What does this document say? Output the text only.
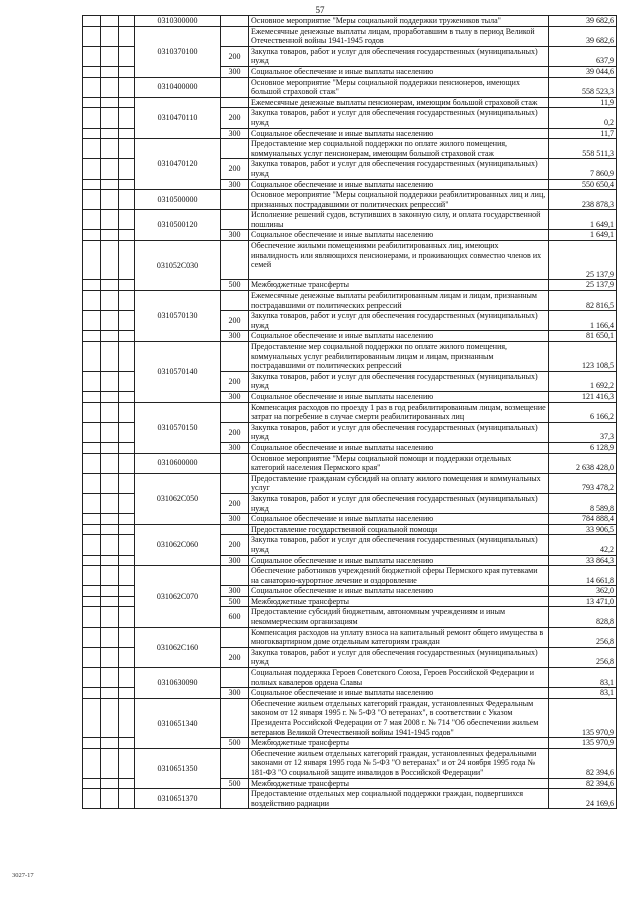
57
			0310300000		Основное мероприятие "Меры социальной поддержки тружеников тыла"	39 682,6
			0310370100		Ежемесячные денежные выплаты лицам, проработавшим в тылу в период Великой Отечественной войны 1941-1945 годов	39 682,6
				200	Закупка товаров, работ и услуг для обеспечения государственных (муниципальных) нужд	637,9
				300	Социальное обеспечение и иные выплаты населению	39 044,6
			0310400000		Основное мероприятие "Меры социальной поддержки пенсионеров, имеющих большой страховой стаж"	558 523,3
			0310470110		Ежемесячные денежные выплаты пенсионерам, имеющим большой страховой стаж	11,9
				200	Закупка товаров, работ и услуг для обеспечения государственных (муниципальных) нужд	0,2
				300	Социальное обеспечение и иные выплаты населению	11,7
			0310470120		Предоставление мер социальной поддержки по оплате жилого помещения, коммунальных услуг пенсионерам, имеющим большой страховой стаж	558 511,3
				200	Закупка товаров, работ и услуг для обеспечения государственных (муниципальных) нужд	7 860,9
				300	Социальное обеспечение и иные выплаты населению	550 650,4
			0310500000		Основное мероприятие "Меры социальной поддержки реабилитированных лиц и лиц, признанных пострадавшими от политических репрессий"	238 878,3
			0310500120		Исполнение решений судов, вступивших в законную силу, и оплата государственной пошлины	1 649,1
				300	Социальное обеспечение и иные выплаты населению	1 649,1
			031052С030		Обеспечение жилыми помещениями реабилитированных лиц, имеющих инвалидность или являющихся пенсионерами, и проживающих совместно членов их семей	25 137,9
				500	Межбюджетные трансферты	25 137,9
			0310570130		Ежемесячные денежные выплаты реабилитированным лицам и лицам, признанным пострадавшими от политических репрессий	82 816,5
				200	Закупка товаров, работ и услуг для обеспечения государственных (муниципальных) нужд	1 166,4
				300	Социальное обеспечение и иные выплаты населению	81 650,1
			0310570140		Предоставление мер социальной поддержки по оплате жилого помещения, коммунальных услуг реабилитированным лицам и лицам, признанным пострадавшими от политических репрессий	123 108,5
				200	Закупка товаров, работ и услуг для обеспечения государственных (муниципальных) нужд	1 692,2
				300	Социальное обеспечение и иные выплаты населению	121 416,3
			0310570150		Компенсация расходов по проезду 1 раз в год реабилитированным лицам, возмещение затрат на погребение в случае смерти реабилитированных лиц	6 166,2
				200	Закупка товаров, работ и услуг для обеспечения государственных (муниципальных) нужд	37,3
				300	Социальное обеспечение и иные выплаты населению	6 128,9
			0310600000		Основное мероприятие "Меры социальной помощи и поддержки отдельных категорий населения Пермского края"	2 638 428,0
			031062С050		Предоставление гражданам субсидий на оплату жилого помещения и коммунальных услуг	793 478,2
				200	Закупка товаров, работ и услуг для обеспечения государственных (муниципальных) нужд	8 589,8
				300	Социальное обеспечение и иные выплаты населению	784 888,4
			031062С060		Предоставление государственной социальной помощи	33 906,5
				200	Закупка товаров, работ и услуг для обеспечения государственных (муниципальных) нужд	42,2
				300	Социальное обеспечение и иные выплаты населению	33 864,3
			031062С070		Обеспечение работников учреждений бюджетной сферы Пермского края путевками на санаторно-курортное лечение и оздоровление	14 661,8
				300	Социальное обеспечение и иные выплаты населению	362,0
				500	Межбюджетные трансферты	13 471,0
				600	Предоставление субсидий бюджетным, автономным учреждениям и иным некоммерческим организациям	828,8
			031062С160		Компенсация расходов на уплату взноса на капитальный ремонт общего имущества в многоквартирном доме отдельным категориям граждан	256,8
				200	Закупка товаров, работ и услуг для обеспечения государственных (муниципальных) нужд	256,8
			0310630090		Социальная поддержка Героев Советского Союза, Героев Российской Федерации и полных кавалеров ордена Славы	83,1
				300	Социальное обеспечение и иные выплаты населению	83,1
			0310651340		Обеспечение жильем отдельных категорий граждан, установленных Федеральным законом от 12 января 1995 г. № 5-ФЗ "О ветеранах", в соответствии с Указом Президента Российской Федерации от 7 мая 2008 г. № 714 "Об обеспечении жильем ветеранов Великой Отечественной войны 1941-1945 годов"	135 970,9
				500	Межбюджетные трансферты	135 970,9
			0310651350		Обеспечение жильем отдельных категорий граждан, установленных федеральными законами от 12 января 1995 года № 5-ФЗ "О ветеранах" и от 24 ноября 1995 года № 181-ФЗ "О социальной защите инвалидов в Российской Федерации"	82 394,6
				500	Межбюджетные трансферты	82 394,6
			0310651370		Предоставление отдельных мер социальной поддержки граждан, подвергшихся воздействию радиации	24 169,6
3027-17
